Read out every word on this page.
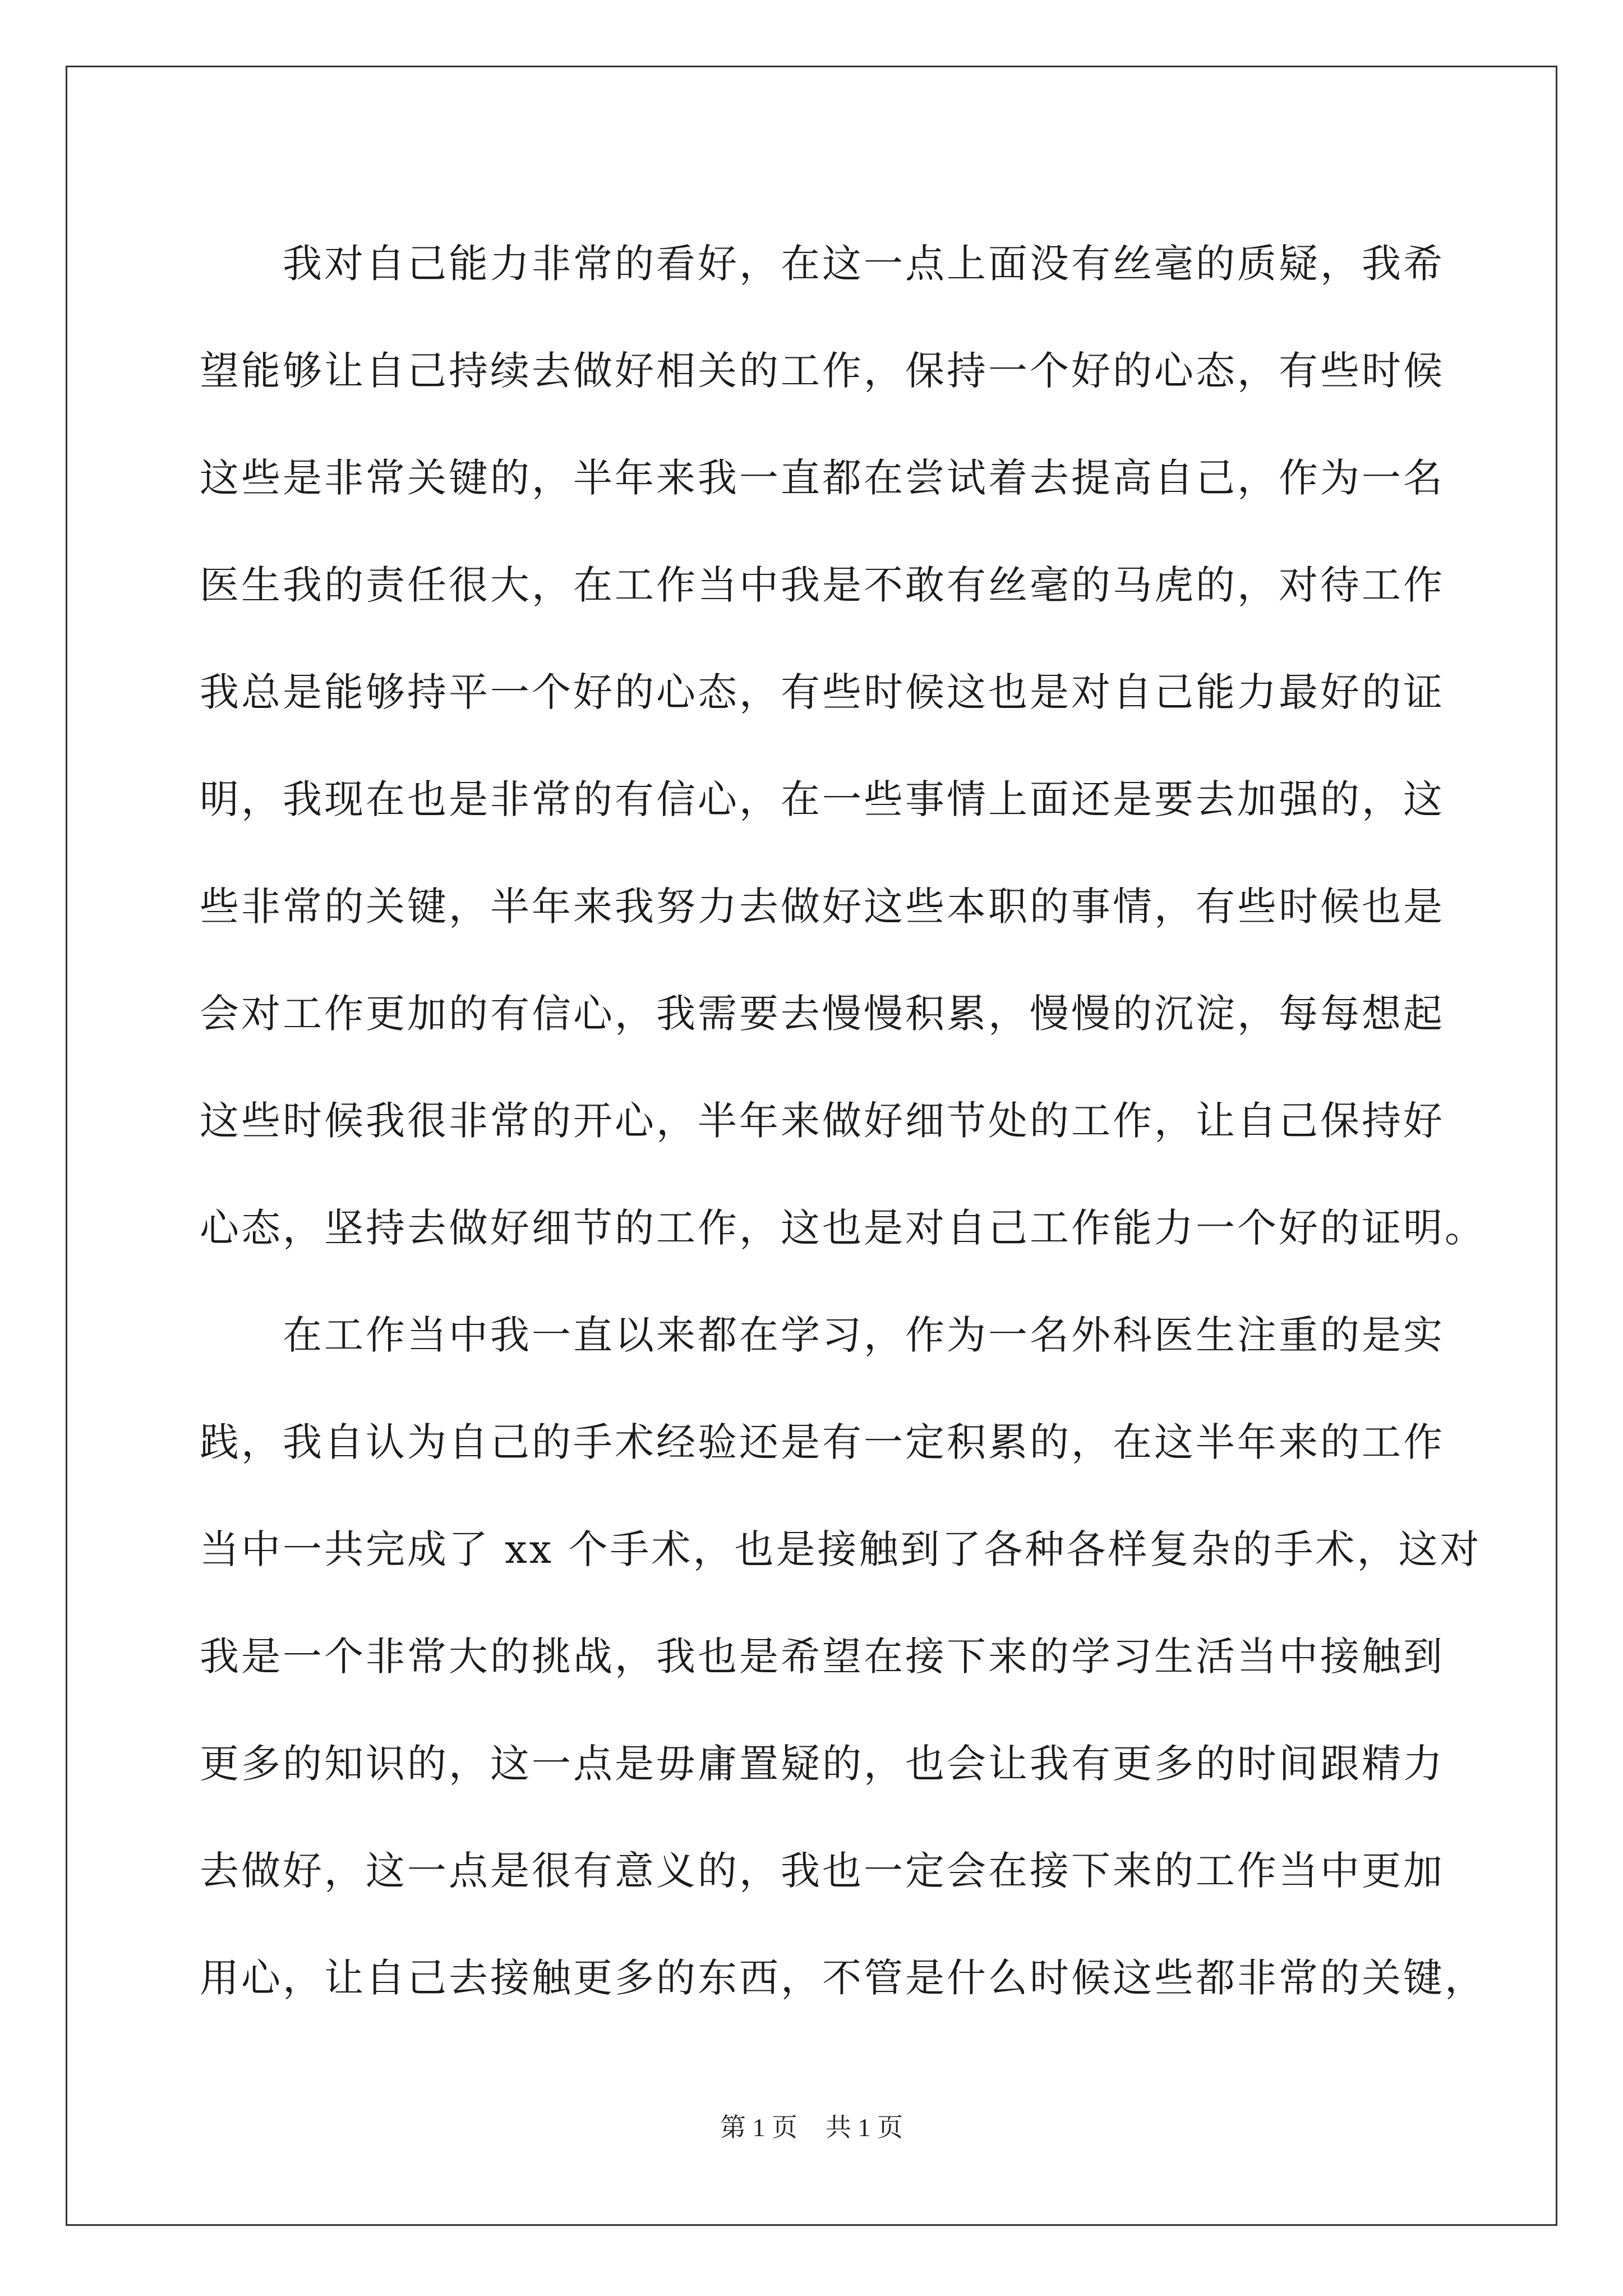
我对自己能力非常的看好，在这一点上面没有丝毫的质疑，我希
望能够让自己持续去做好相关的工作，保持一个好的心态，有些时候
这些是非常关键的，半年来我一直都在尝试着去提高自己，作为一名
医生我的责任很大，在工作当中我是不敢有丝毫的马虎的，对待工作
我总是能够持平一个好的心态，有些时候这也是对自己能力最好的证
明，我现在也是非常的有信心，在一些事情上面还是要去加强的，这
些非常的关键，半年来我努力去做好这些本职的事情，有些时候也是
会对工作更加的有信心，我需要去慢慢积累，慢慢的沉淀，每每想起
这些时候我很非常的开心，半年来做好细节处的工作，让自己保持好
心态，坚持去做好细节的工作，这也是对自己工作能力一个好的证明。
在工作当中我一直以来都在学习，作为一名外科医生注重的是实
践，我自认为自己的手术经验还是有一定积累的，在这半年来的工作
当中一共完成了 xx 个手术，也是接触到了各种各样复杂的手术，这对
我是一个非常大的挑战，我也是希望在接下来的学习生活当中接触到
更多的知识的，这一点是毋庸置疑的，也会让我有更多的时间跟精力
去做好，这一点是很有意义的，我也一定会在接下来的工作当中更加
用心，让自己去接触更多的东西，不管是什么时候这些都非常的关键，
第 1 页 共 1 页
